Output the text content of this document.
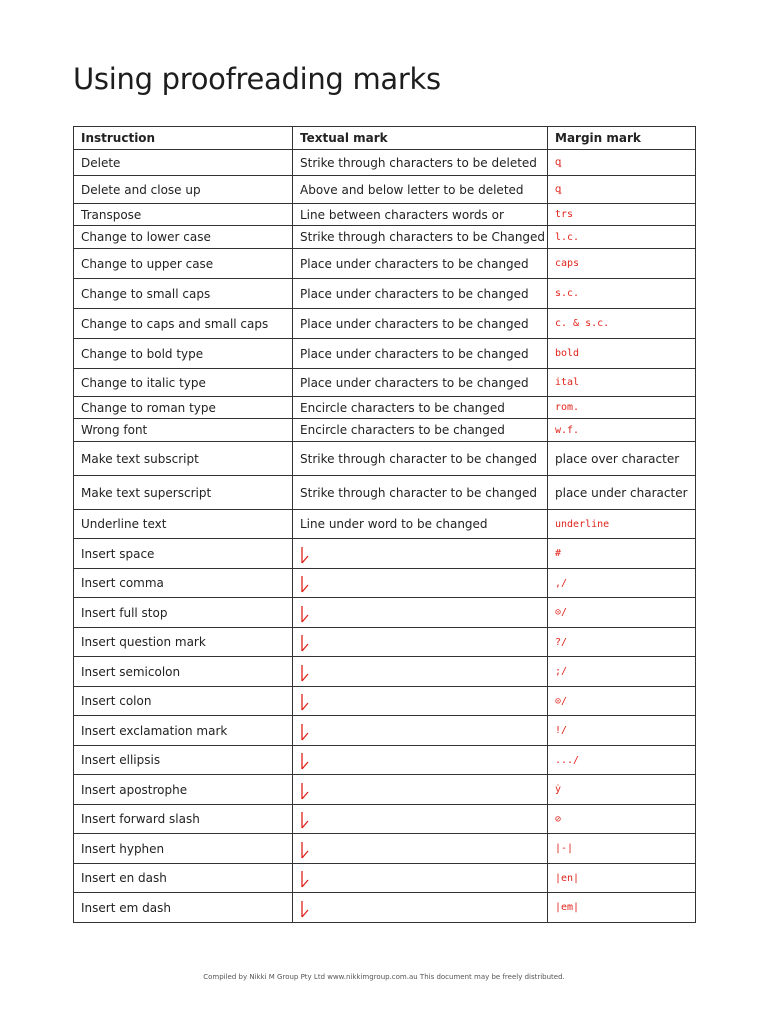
Using proofreading marks
Instruction	Textual mark	Margin mark
Delete	Strike through characters to be deleted	ꝗ
Delete and close up	Above and below letter to be deleted	ꝗ
Transpose	Line between characters words or	trs
Change to lower case	Strike through characters to be Changed	l.c.
Change to upper case	Place under characters to be changed	caps
Change to small caps	Place under characters to be changed	s.c.
Change to caps and small caps	Place under characters to be changed	c. & s.c.
Change to bold type	Place under characters to be changed	bold
Change to italic type	Place under characters to be changed	ital
Change to roman type	Encircle characters to be changed	rom.
Wrong font	Encircle characters to be changed	w.f.
Make text subscript	Strike through character to be changed	place over character
Make text superscript	Strike through character to be changed	place under character
Underline text	Line under word to be changed	underline
Insert space		#
Insert comma		,/
Insert full stop		⊙/
Insert question mark		?/
Insert semicolon		;/
Insert colon		⊙/
Insert exclamation mark		!/
Insert ellipsis		.../
Insert apostrophe		ẏ
Insert forward slash		⊘
Insert hyphen		|-|
Insert en dash		|en|
Insert em dash		|em|
Compiled by Nikki M Group Pty Ltd www.nikkimgroup.com.au This document may be freely distributed.
